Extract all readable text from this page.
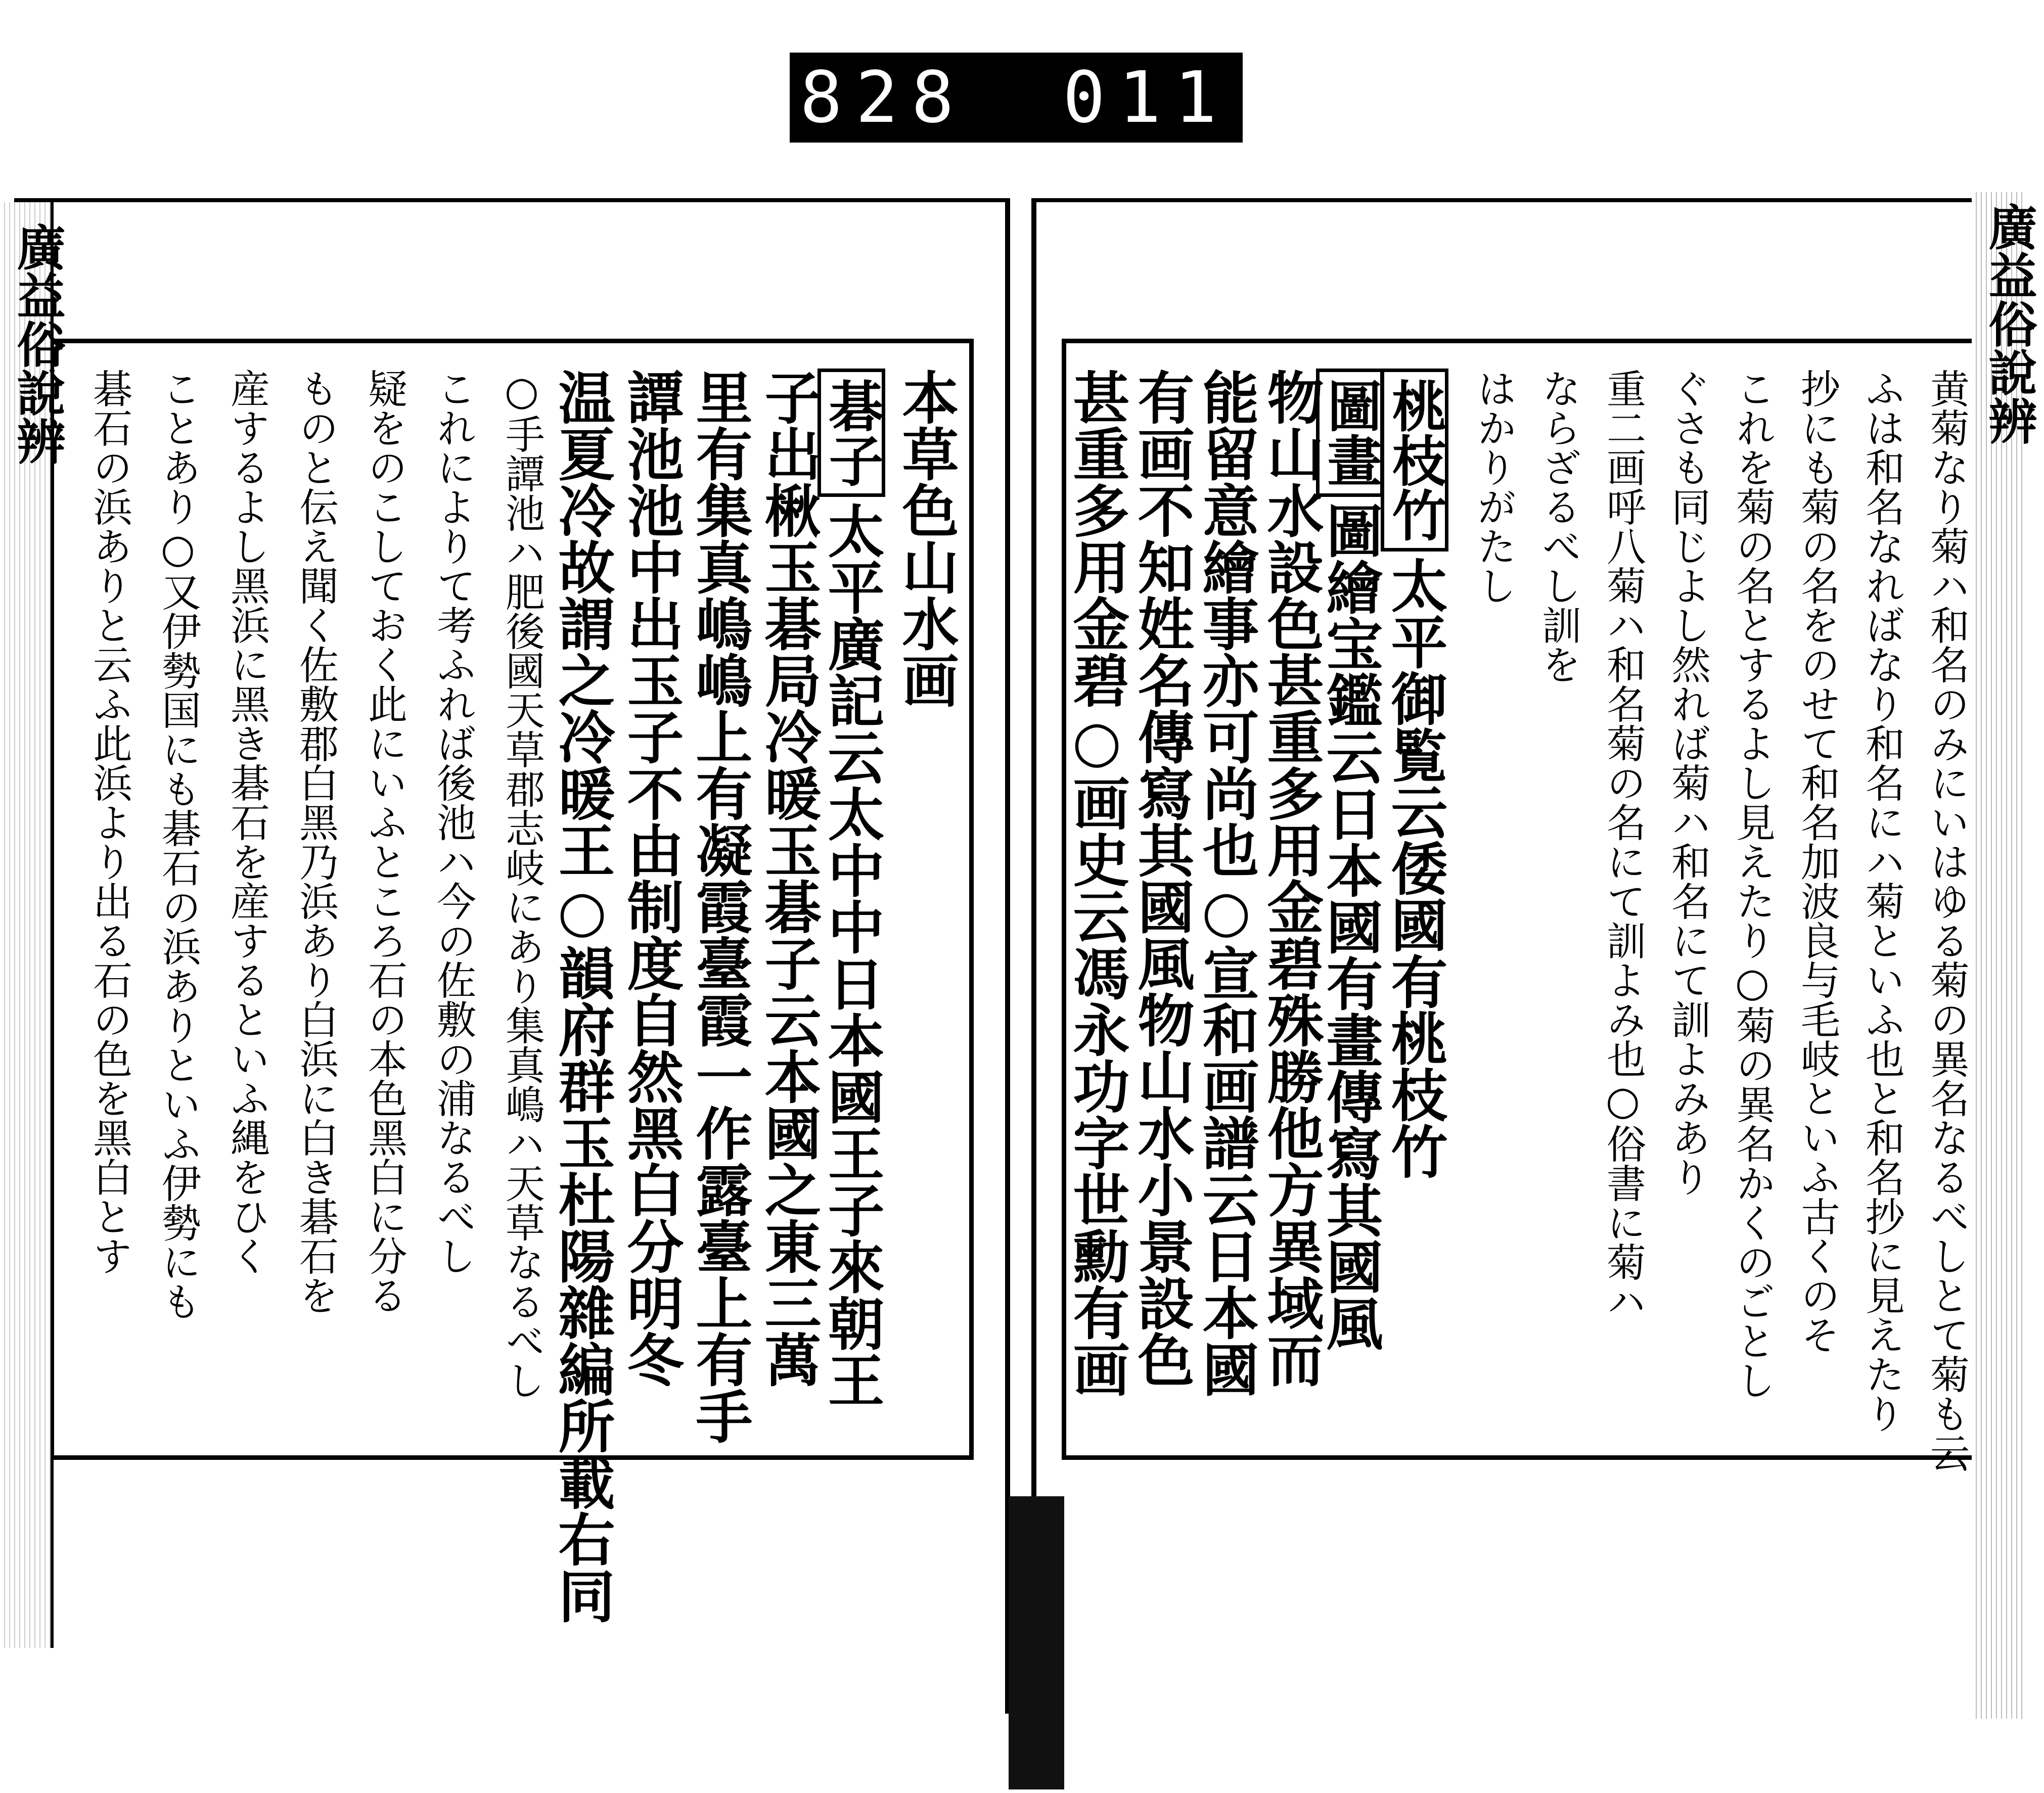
828 011
本草色山水画
碁子太平廣記云太中中日本國王子來朝王
子出楸玉碁局冷暖玉碁子云本國之東三萬
里有集真嶋嶋上有凝霞臺霞一作露臺上有手
譚池池中出玉子不由制度自然黑白分明冬
温夏冷故謂之冷暖王○韻府群玉杜陽雜編所載右同
○手譚池ハ肥後國天草郡志岐にあり集真嶋ハ天草なるべし
これによりて考ふれば後池ハ今の佐敷の浦なるべし
疑をのこしておく此にいふところ石の本色黑白に分る
ものと伝え聞く佐敷郡白黑乃浜あり白浜に白き碁石を
産するよし黑浜に黑き碁石を産するといふ縄をひく
ことあり○又伊勢国にも碁石の浜ありといふ伊勢にも
碁石の浜ありと云ふ此浜より出る石の色を黑白とす	黄菊なり菊ハ和名のみにいはゆる菊の異名なるべしとて菊も云
ふは和名なればなり和名にハ菊といふ也と和名抄に見えたり
抄にも菊の名をのせて和名加波良与毛岐といふ古くのそ
これを菊の名とするよし見えたり○菊の異名かくのごとし
ぐさも同じよし然れば菊ハ和名にて訓よみあり
重二画呼八菊ハ和名菊の名にて訓よみ也○俗書に菊ハ
ならざるべし訓を
はかりがたし
桃枝竹太平御覧云倭國有桃枝竹
圖畫圖繪宝鑑云日本國有畫傳寫其國風
物山水設色甚重多用金碧殊勝他方異域而
能留意繪事亦可尚也○宣和画譜云日本國
有画不知姓名傳寫其國風物山水小景設色
甚重多用金碧○画史云馮永功字世勳有画
廣益俗說辨	廣益俗說辨
